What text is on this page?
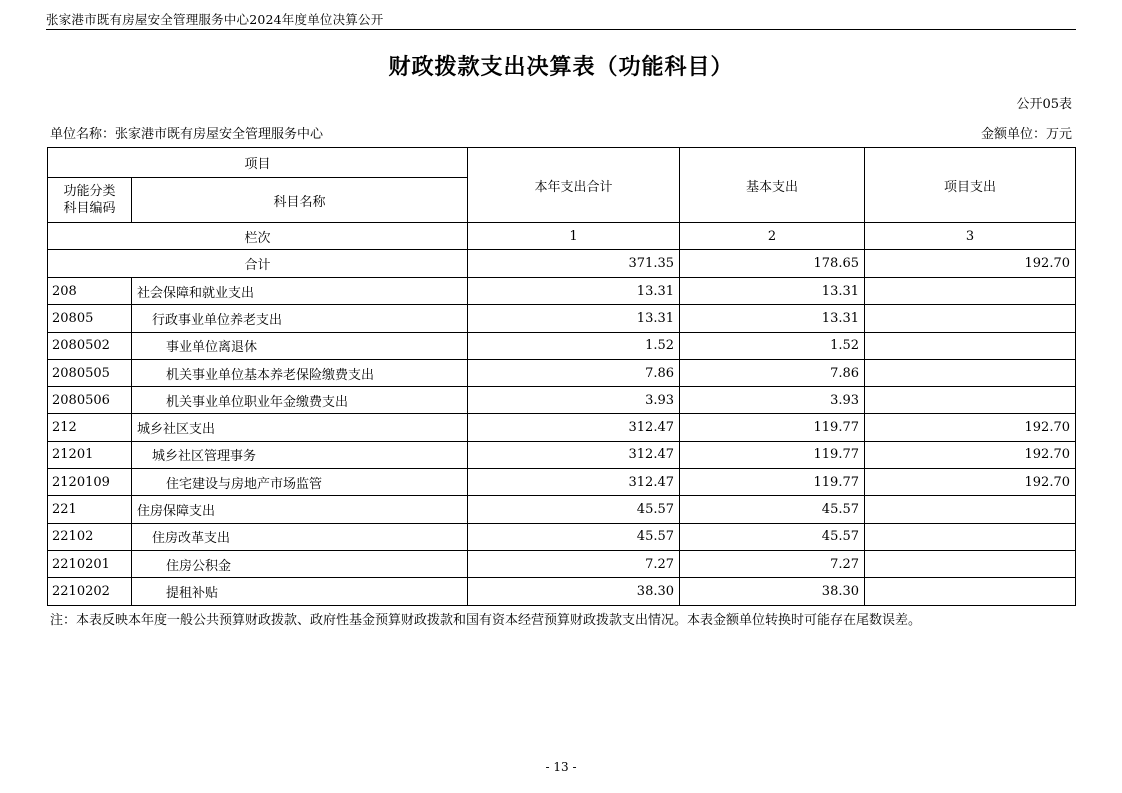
张家港市既有房屋安全管理服务中心2024年度单位决算公开
财政拨款支出决算表（功能科目）
公开05表
单位名称：张家港市既有房屋安全管理服务中心	金额单位：万元
项目		本年支出合计	基本支出	项目支出
功能分类
科目编码	科目名称			
栏次		1	2	3
合计		371.35	178.65	192.70
208	社会保障和就业支出	13.31	13.31	
20805	行政事业单位养老支出	13.31	13.31	
2080502	事业单位离退休	1.52	1.52	
2080505	机关事业单位基本养老保险缴费支出	7.86	7.86	
2080506	机关事业单位职业年金缴费支出	3.93	3.93	
212	城乡社区支出	312.47	119.77	192.70
21201	城乡社区管理事务	312.47	119.77	192.70
2120109	住宅建设与房地产市场监管	312.47	119.77	192.70
221	住房保障支出	45.57	45.57	
22102	住房改革支出	45.57	45.57	
2210201	住房公积金	7.27	7.27	
2210202	提租补贴	38.30	38.30	
注：本表反映本年度一般公共预算财政拨款、政府性基金预算财政拨款和国有资本经营预算财政拨款支出情况。本表金额单位转换时可能存在尾数误差。
- 13 -
